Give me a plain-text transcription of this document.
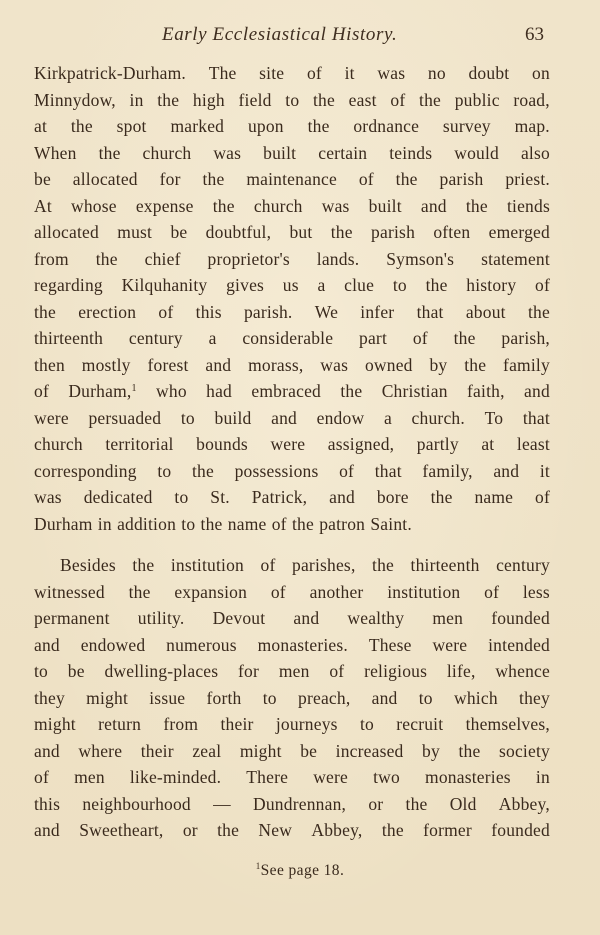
Early Ecclesiastical History.	63
Kirkpatrick-Durham. The site of it was no doubt on
Minnydow, in the high field to the east of the public road,
at the spot marked upon the ordnance survey map.
When the church was built certain teinds would also
be allocated for the maintenance of the parish priest.
At whose expense the church was built and the tiends
allocated must be doubtful, but the parish often emerged
from the chief proprietor's lands. Symson's statement
regarding Kilquhanity gives us a clue to the history of
the erection of this parish. We infer that about the
thirteenth century a considerable part of the parish,
then mostly forest and morass, was owned by the family
of Durham,$^1$ who had embraced the Christian faith, and
were persuaded to build and endow a church. To that
church territorial bounds were assigned, partly at least
corresponding to the possessions of that family, and it
was dedicated to St. Patrick, and bore the name of
Durham in addition to the name of the patron Saint.
Besides the institution of parishes, the thirteenth century
witnessed the expansion of another institution of less
permanent utility. Devout and wealthy men founded
and endowed numerous monasteries. These were intended
to be dwelling-places for men of religious life, whence
they might issue forth to preach, and to which they
might return from their journeys to recruit themselves,
and where their zeal might be increased by the society
of men like-minded. There were two monasteries in
this neighbourhood — Dundrennan, or the Old Abbey,
and Sweetheart, or the New Abbey, the former founded
$^1$See page 18.
